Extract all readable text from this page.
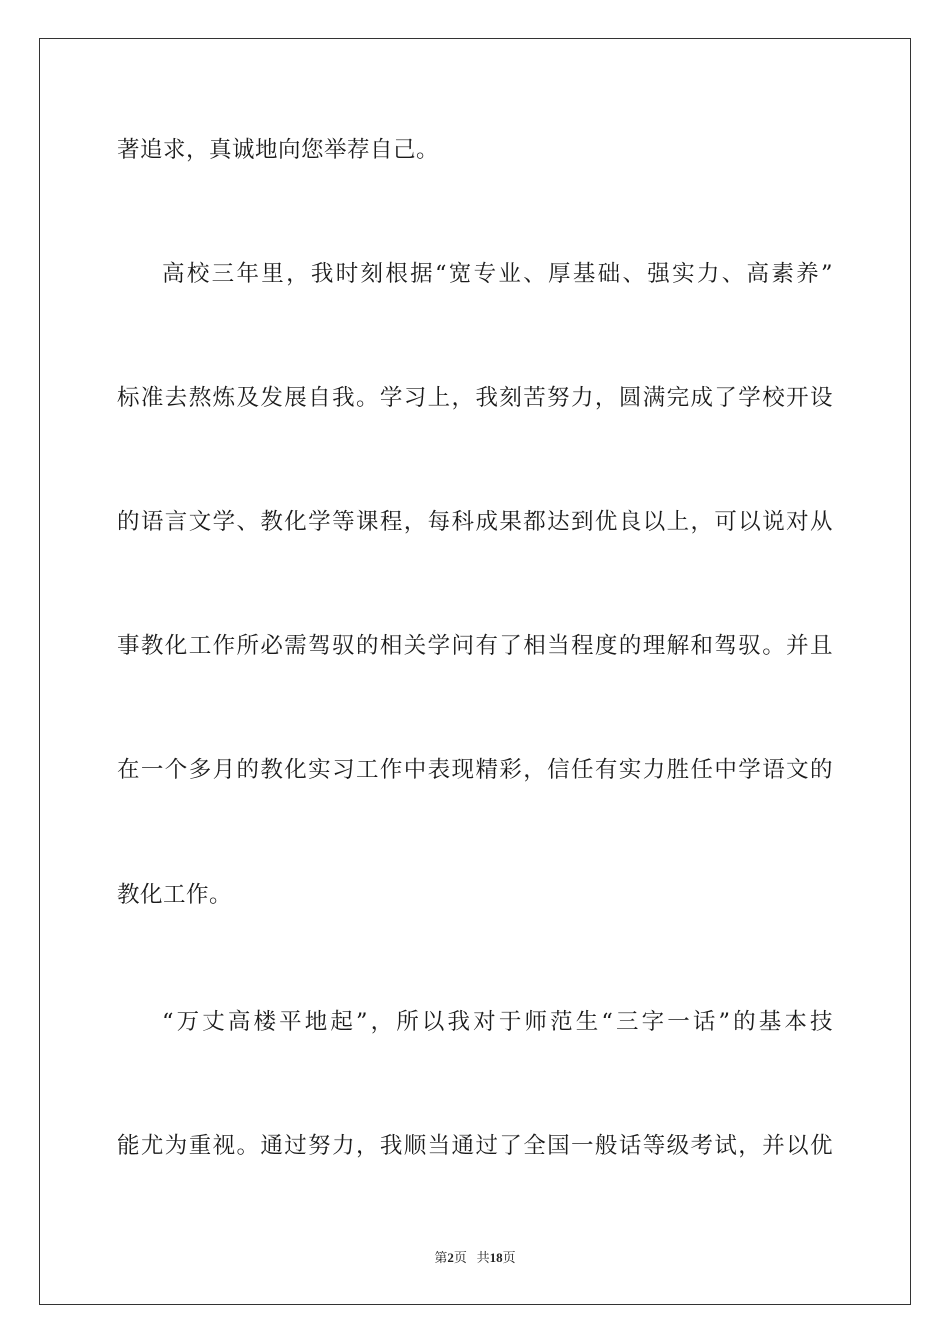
著追求，真诚地向您举荐自己。
高校三年里，我时刻根据“宽专业、厚基础、强实力、高素养”
标准去熬炼及发展自我。学习上，我刻苦努力，圆满完成了学校开设
的语言文学、教化学等课程，每科成果都达到优良以上，可以说对从
事教化工作所必需驾驭的相关学问有了相当程度的理解和驾驭。并且
在一个多月的教化实习工作中表现精彩，信任有实力胜任中学语文的
教化工作。
“万丈高楼平地起”，所以我对于师范生“三字一话”的基本技
能尤为重视。通过努力，我顺当通过了全国一般话等级考试，并以优
第2页 共18页
